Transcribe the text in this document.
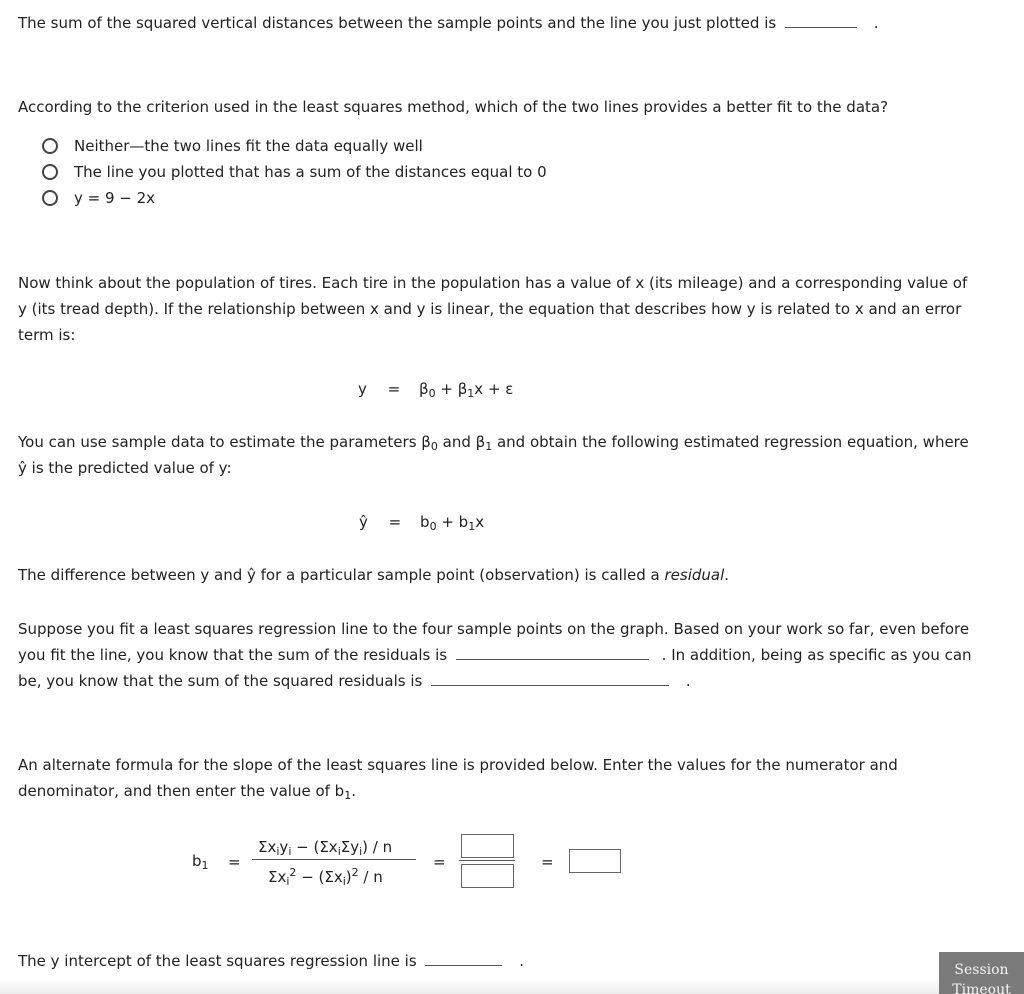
The sum of the squared vertical distances between the sample points and the line you just plotted is	.
According to the criterion used in the least squares method, which of the two lines provides a better fit to the data?
Neither—the two lines fit the data equally well
The line you plotted that has a sum of the distances equal to 0
y = 9 − 2x
Now think about the population of tires. Each tire in the population has a value of x (its mileage) and a corresponding value of
y (its tread depth). If the relationship between x and y is linear, the equation that describes how y is related to x and an error
term is:
$y = \beta_0 + \beta_1x + \varepsilon$
You can use sample data to estimate the parameters $\beta_0$ and $\beta_1$ and obtain the following estimated regression equation, where
ŷ is the predicted value of y:
ŷ = $b_0 + b_1x$
The difference between y and ŷ for a particular sample point (observation) is called a residual.
Suppose you fit a least squares regression line to the four sample points on the graph. Based on your work so far, even before
you fit the line, you know that the sum of the residuals is	. In addition, being as specific as you can
be, you know that the sum of the squared residuals is	.
An alternate formula for the slope of the least squares line is provided below. Enter the values for the numerator and
denominator, and then enter the value of $b_1$.
$b_1$ =
$\Sigma x_iy_i - (\Sigma x_i\Sigma y_i) / n$
$\Sigma x_i^2 - (\Sigma x_i)^2 / n$
=	=
The y intercept of the least squares regression line is	.	Session
Timeout
